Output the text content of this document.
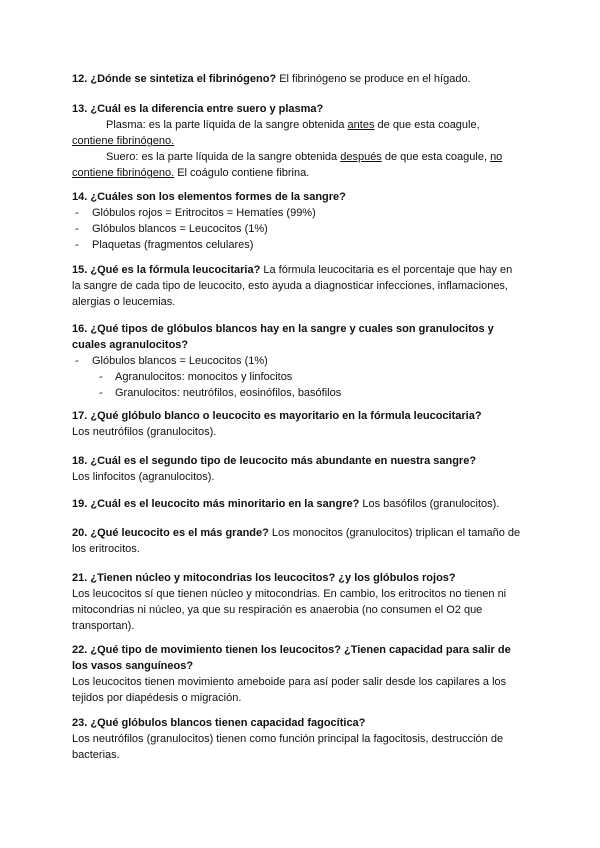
12. ¿Dónde se sintetiza el fibrinógeno? El fibrinógeno se produce en el hígado.
13. ¿Cuál es la diferencia entre suero y plasma?
Plasma: es la parte líquida de la sangre obtenida antes de que esta coagule,
contiene fibrinógeno.
Suero: es la parte líquida de la sangre obtenida después de que esta coagule, no
contiene fibrinógeno. El coágulo contiene fibrina.
14. ¿Cuáles son los elementos formes de la sangre?
- Glóbulos rojos = Eritrocitos = Hematíes (99%)
- Glóbulos blancos = Leucocitos (1%)
- Plaquetas (fragmentos celulares)
15. ¿Qué es la fórmula leucocitaria? La fórmula leucocitaria es el porcentaje que hay en la sangre de cada tipo de leucocito, esto ayuda a diagnosticar infecciones, inflamaciones, alergias o leucemias.
16. ¿Qué tipos de glóbulos blancos hay en la sangre y cuales son granulocitos y cuales agranulocitos?
- Glóbulos blancos = Leucocitos (1%)
- Agranulocitos: monocitos y linfocitos
- Granulocitos: neutrófilos, eosinófilos, basófilos
17. ¿Qué glóbulo blanco o leucocito es mayoritario en la fórmula leucocitaria?
Los neutrófilos (granulocitos).
18. ¿Cuál es el segundo tipo de leucocito más abundante en nuestra sangre?
Los linfocitos (agranulocitos).
19. ¿Cuál es el leucocito más minoritario en la sangre? Los basófilos (granulocitos).
20. ¿Qué leucocito es el más grande? Los monocitos (granulocitos) triplican el tamaño de los eritrocitos.
21. ¿Tienen núcleo y mitocondrias los leucocitos? ¿y los glóbulos rojos?
Los leucocitos sí que tienen núcleo y mitocondrias. En cambio, los eritrocitos no tienen ni mitocondrias ni núcleo, ya que su respiración es anaerobia (no consumen el O2 que transportan).
22. ¿Qué tipo de movimiento tienen los leucocitos? ¿Tienen capacidad para salir de los vasos sanguíneos?
Los leucocitos tienen movimiento ameboide para así poder salir desde los capilares a los tejidos por diapédesis o migración.
23. ¿Qué glóbulos blancos tienen capacidad fagocítica?
Los neutrófilos (granulocitos) tienen como función principal la fagocitosis, destrucción de bacterias.
